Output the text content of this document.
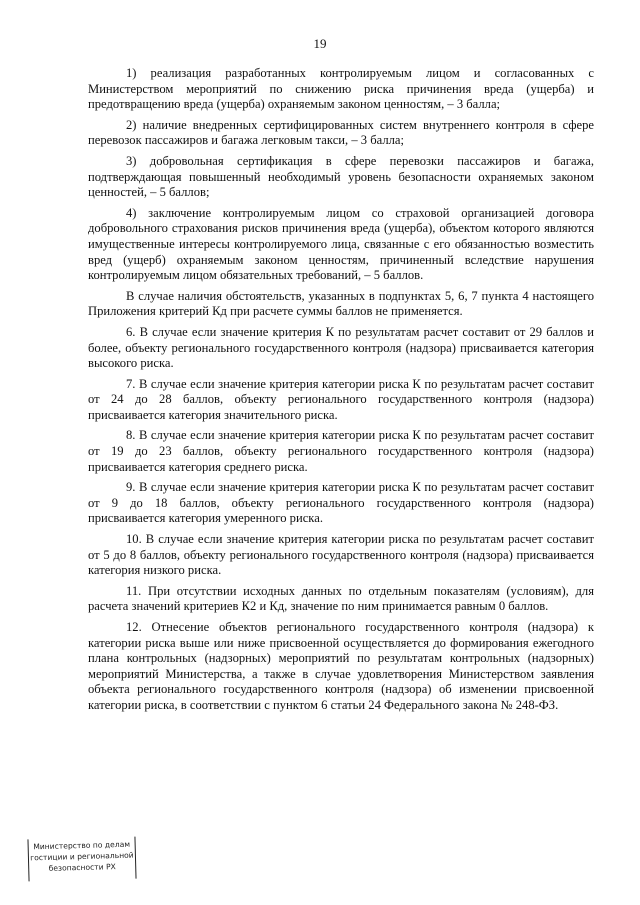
19

1) реализация разработанных контролируемым лицом и согласованных с Министерством мероприятий по снижению риска причинения вреда (ущерба) и предотвращению вреда (ущерба) охраняемым законом ценностям, – 3 балла;

2) наличие внедренных сертифицированных систем внутреннего контроля в сфере перевозок пассажиров и багажа легковым такси, – 3 балла;

3) добровольная сертификация в сфере перевозки пассажиров и багажа, подтверждающая повышенный необходимый уровень безопасности охраняемых законом ценностей, – 5 баллов;

4) заключение контролируемым лицом со страховой организацией договора добровольного страхования рисков причинения вреда (ущерба), объектом которого являются имущественные интересы контролируемого лица, связанные с его обязанностью возместить вред (ущерб) охраняемым законом ценностям, причиненный вследствие нарушения контролируемым лицом обязательных требований, – 5 баллов.

В случае наличия обстоятельств, указанных в подпунктах 5, 6, 7 пункта 4 настоящего Приложения критерий Кд при расчете суммы баллов не применяется.

6. В случае если значение критерия К по результатам расчет составит от 29 баллов и более, объекту регионального государственного контроля (надзора) присваивается категория высокого риска.

7. В случае если значение критерия категории риска К по результатам расчет составит от 24 до 28 баллов, объекту регионального государственного контроля (надзора) присваивается категория значительного риска.

8. В случае если значение критерия категории риска К по результатам расчет составит от 19 до 23 баллов, объекту регионального государственного контроля (надзора) присваивается категория среднего риска.

9. В случае если значение критерия категории риска К по результатам расчет составит от 9 до 18 баллов, объекту регионального государственного контроля (надзора) присваивается категория умеренного риска.

10. В случае если значение критерия категории риска по результатам расчет составит от 5 до 8 баллов, объекту регионального государственного контроля (надзора) присваивается категория низкого риска.

11. При отсутствии исходных данных по отдельным показателям (условиям), для расчета значений критериев К2 и Кд, значение по ним принимается равным 0 баллов.

12. Отнесение объектов регионального государственного контроля (надзора) к категории риска выше или ниже присвоенной осуществляется до формирования ежегодного плана контрольных (надзорных) мероприятий по результатам контрольных (надзорных) мероприятий Министерства, а также в случае удовлетворения Министерством заявления объекта регионального государственного контроля (надзора) об изменении присвоенной категории риска, в соответствии с пунктом 6 статьи 24 Федерального закона № 248-ФЗ.

Министерство по делам
гостиции и региональной
безопасности РХ
